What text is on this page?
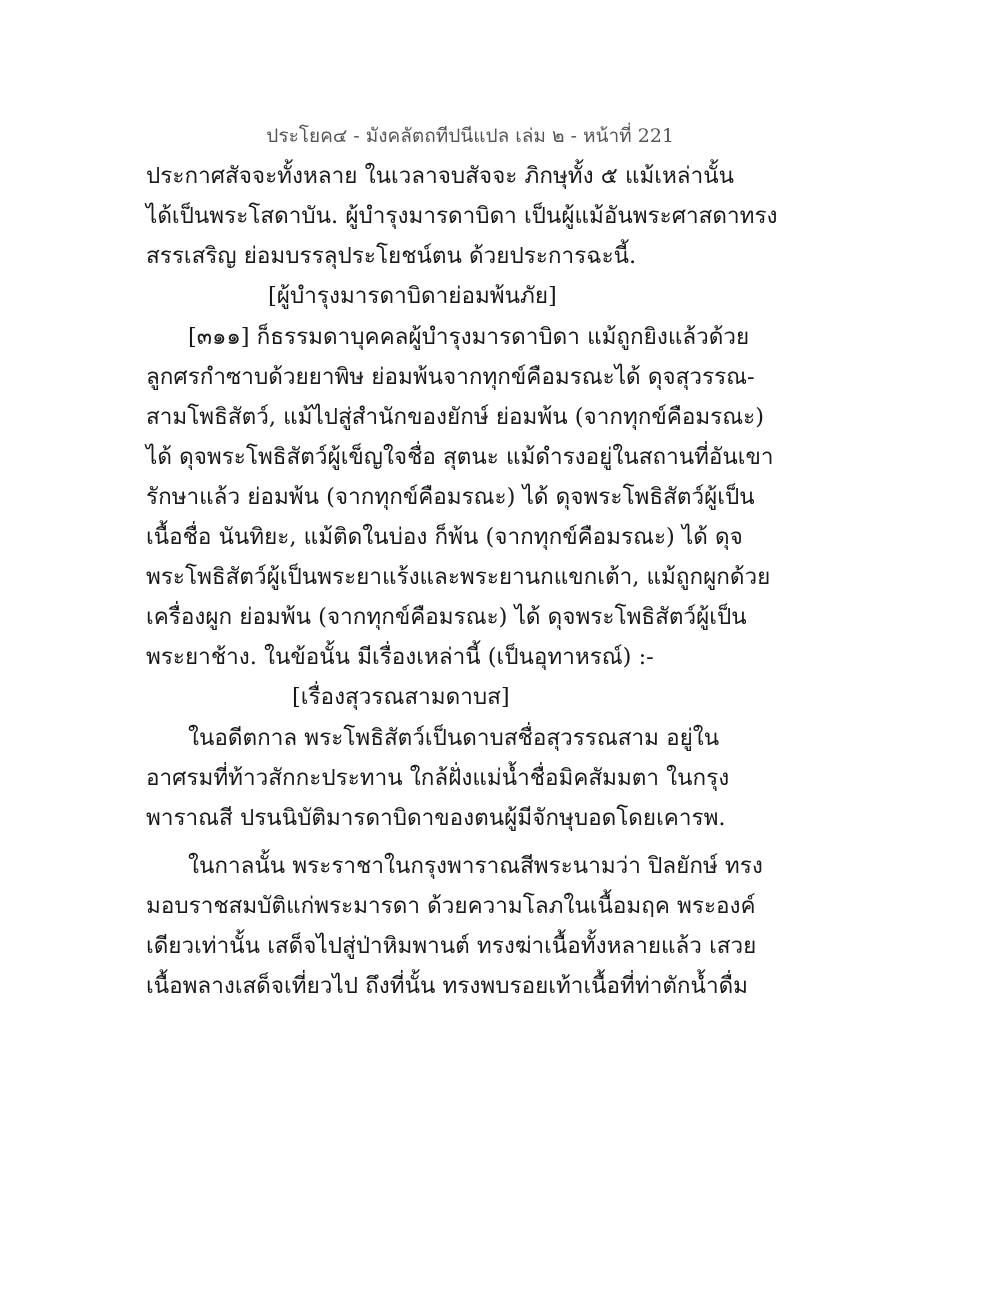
ประโยค๔ - มังคลัตถทีปนีแปล เล่ม ๒ - หน้าที่ 221
ประกาศสัจจะทั้งหลาย ในเวลาจบสัจจะ ภิกษุทั้ง ๕ แม้เหล่านั้น
ได้เป็นพระโสดาบัน. ผู้บำรุงมารดาบิดา เป็นผู้แม้อันพระศาสดาทรง
สรรเสริญ ย่อมบรรลุประโยชน์ตน ด้วยประการฉะนี้.
[ผู้บำรุงมารดาบิดาย่อมพ้นภัย]
[๓๑๑] ก็ธรรมดาบุคคลผู้บำรุงมารดาบิดา แม้ถูกยิงแล้วด้วย
ลูกศรกำซาบด้วยยาพิษ ย่อมพ้นจากทุกข์คือมรณะได้ ดุจสุวรรณ-
สามโพธิสัตว์, แม้ไปสู่สำนักของยักษ์ ย่อมพ้น (จากทุกข์คือมรณะ)
ได้ ดุจพระโพธิสัตว์ผู้เข็ญใจชื่อ สุตนะ แม้ดำรงอยู่ในสถานที่อันเขา
รักษาแล้ว ย่อมพ้น (จากทุกข์คือมรณะ) ได้ ดุจพระโพธิสัตว์ผู้เป็น
เนื้อชื่อ นันทิยะ, แม้ติดในบ่อง ก็พ้น (จากทุกข์คือมรณะ) ได้ ดุจ
พระโพธิสัตว์ผู้เป็นพระยาแร้งและพระยานกแขกเต้า, แม้ถูกผูกด้วย
เครื่องผูก ย่อมพ้น (จากทุกข์คือมรณะ) ได้ ดุจพระโพธิสัตว์ผู้เป็น
พระยาช้าง. ในข้อนั้น มีเรื่องเหล่านี้ (เป็นอุทาหรณ์) :-
[เรื่องสุวรณสามดาบส]
ในอดีตกาล พระโพธิสัตว์เป็นดาบสชื่อสุวรรณสาม อยู่ใน
อาศรมที่ท้าวสักกะประทาน ใกล้ฝั่งแม่น้ำชื่อมิคสัมมตา ในกรุง
พาราณสี ปรนนิบัติมารดาบิดาของตนผู้มีจักษุบอดโดยเคารพ.
ในกาลนั้น พระราชาในกรุงพาราณสีพระนามว่า ปิลยักษ์ ทรง
มอบราชสมบัติแก่พระมารดา ด้วยความโลภในเนื้อมฤค พระองค์
เดียวเท่านั้น เสด็จไปสู่ป่าหิมพานต์ ทรงฆ่าเนื้อทั้งหลายแล้ว เสวย
เนื้อพลางเสด็จเที่ยวไป ถึงที่นั้น ทรงพบรอยเท้าเนื้อที่ท่าตักน้ำดื่ม
